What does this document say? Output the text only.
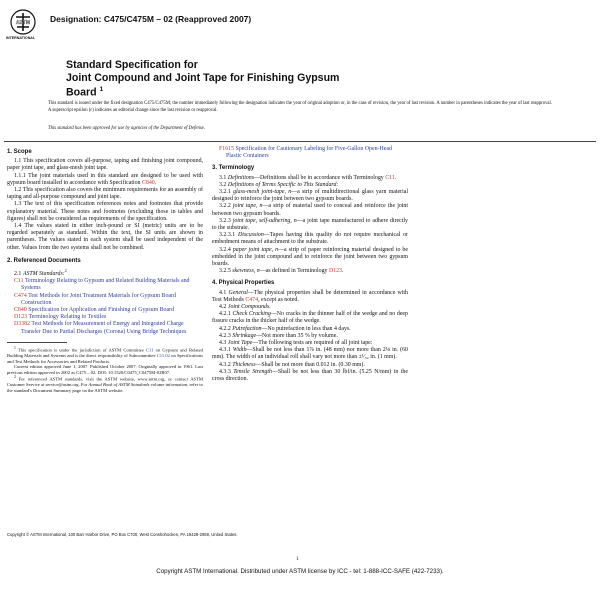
ASTM
INTERNATIONAL
Designation: C475/C475M – 02 (Reapproved 2007)
Standard Specification for
Joint Compound and Joint Tape for Finishing Gypsum
Board $^1$
This standard is issued under the fixed designation C475/C475M; the number immediately following the designation indicates the year of original adoption or, in the case of revision, the year of last revision. A number in parentheses indicates the year of last reapproval. A superscript epsilon (ε) indicates an editorial change since the last revision or reapproval.
This standard has been approved for use by agencies of the Department of Defense.
1. Scope

1.1 This specification covers all-purpose, taping and finishing joint compound, paper joint tape, and glass-mesh joint tape.

1.1.1 The joint materials used in this standard are designed to be used with gypsum board installed in accordance with Specification C840.

1.2 This specification also covers the minimum requirements for an assembly of taping and all-purpose compound and joint tape.

1.3 The text of this specification references notes and footnotes that provide explanatory material. These notes and footnotes (excluding those in tables and figures) shall not be considered as requirements of the specification.

1.4 The values stated in either inch-pound or SI (metric) units are to be regarded separately as standard. Within the text, the SI units are shown in parentheses. The values stated in each system shall be used independent of the other. Values from the two systems shall not be combined.

2. Referenced Documents

2.1 ASTM Standards:$^2$

C11 Terminology Relating to Gypsum and Related Building Materials and Systems

C474 Test Methods for Joint Treatment Materials for Gypsum Board Construction

C840 Specification for Application and Finishing of Gypsum Board

D123 Terminology Relating to Textiles

D3382 Test Methods for Measurement of Energy and Integrated Charge Transfer Due to Partial Discharges (Corona) Using Bridge Techniques

$^1$ This specification is under the jurisdiction of ASTM Committee C11 on Gypsum and Related Building Materials and Systems and is the direct responsibility of Subcommittee C11.02 on Specifications and Test Methods for Accessories and Related Products.

Current edition approved June 1, 2007. Published October 2007. Originally approved in 1961. Last previous edition approved in 2002 as C475 – 02. DOI: 10.1520/C0475_C0475M-02R07.

$^2$ For referenced ASTM standards, visit the ASTM website, www.astm.org, or contact ASTM Customer Service at service@astm.org. For Annual Book of ASTM Standards volume information, refer to the standard's Document Summary page on the ASTM website.

F1615 Specification for Cautionary Labeling for Five-Gallon Open-Head Plastic Containers

3. Terminology

3.1 Definitions—Definitions shall be in accordance with Terminology C11.

3.2 Definitions of Terms Specific to This Standard:

3.2.1 glass-mesh joint-tape, n—a strip of multidirectional glass yarn material designed to reinforce the joint between two gypsum boards.

3.2.2 joint tape, n—a strip of material used to conceal and reinforce the joint between two gypsum boards.

3.2.3 joint tape, self-adhering, n—a joint tape manufactured to adhere directly to the substrate.

3.2.3.1 Discussion—Tapes having this quality do not require mechanical or embedment means of attachment to the substrate.

3.2.4 paper joint tape, n—a strip of paper reinforcing material designed to be embedded in the joint compound and to reinforce the joint between two gypsum boards.

3.2.5 skewness, n—as defined in Terminology D123.

4. Physical Properties

4.1 General—The physical properties shall be determined in accordance with Test Methods C474, except as noted.

4.2 Joint Compounds.

4.2.1 Check Cracking—No cracks in the thinner half of the wedge and no deep fissure cracks in the thicker half of the wedge.

4.2.2 Putrefaction—No putrefaction in less than 4 days.

4.2.3 Shrinkage—Not more than 35 % by volume.

4.3 Joint Tape—The following tests are required of all joint tape:

4.3.1 Width—Shall be not less than 1⅞ in. (48 mm) nor more than 2⅛ in. (60 mm). The width of an individual roll shall vary not more than ±¹⁄₃₂ in. (1 mm).

4.3.2 Thickness—Shall be not more than 0.012 in. (0.30 mm).

4.3.3 Tensile Strength—Shall be not less than 30 lbf/in. (5.25 N/mm) in the cross direction.

Copyright © ASTM International, 100 Barr Harbor Drive, PO Box C700, West Conshohocken, PA 19428-2959, United States.
1
Copyright ASTM International. Distributed under ASTM license by ICC - tel: 1-888-ICC-SAFE (422-7233).
